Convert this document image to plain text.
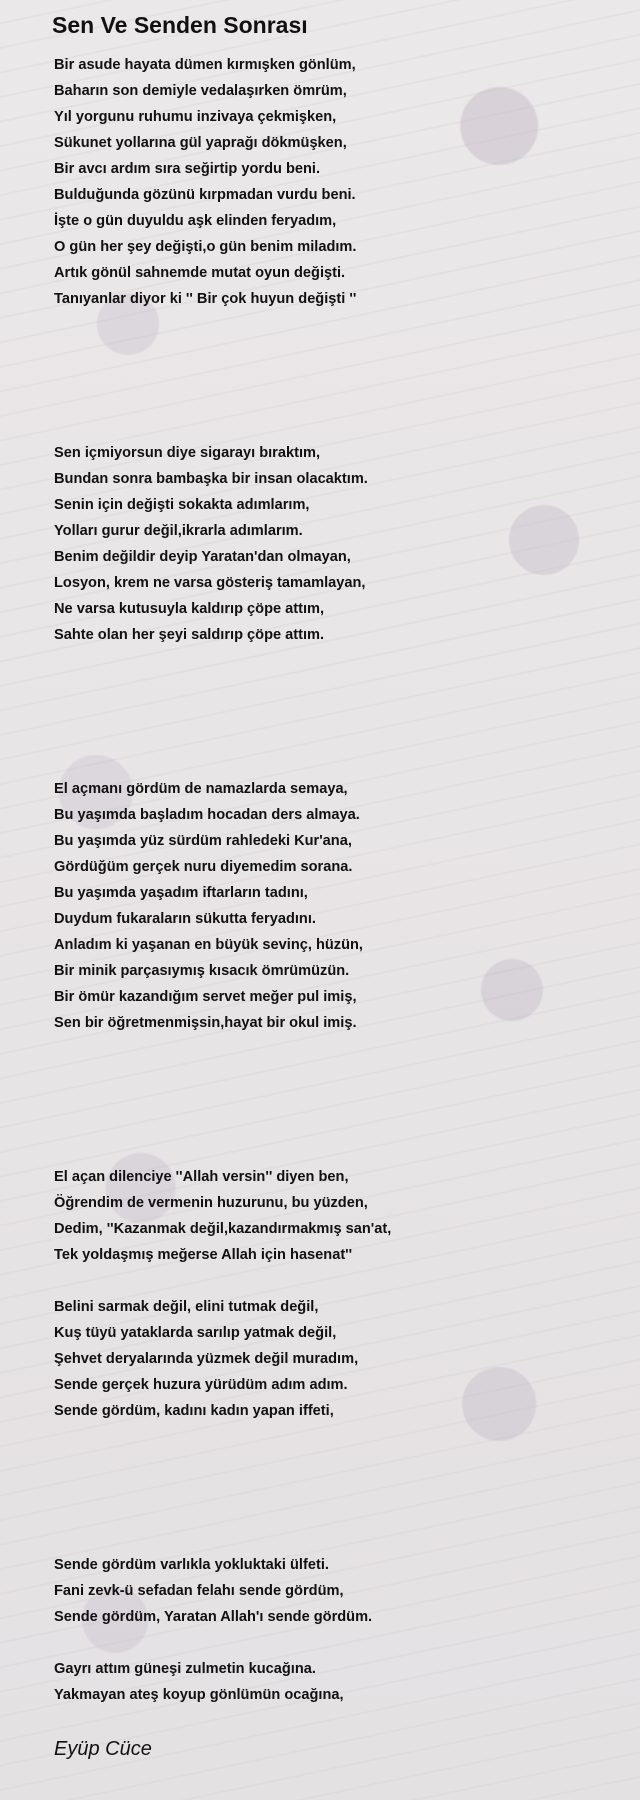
Sen Ve Senden Sonrası
Bir asude hayata dümen kırmışken gönlüm,
Baharın son demiyle vedalaşırken ömrüm,
Yıl yorgunu ruhumu inzivaya çekmişken,
Sükunet yollarına gül yaprağı dökmüşken,
Bir avcı ardım sıra seğirtip yordu beni.
Bulduğunda gözünü kırpmadan vurdu beni.
İşte o gün duyuldu aşk elinden feryadım,
O gün her şey değişti,o gün benim miladım.
Artık gönül sahnemde mutat oyun değişti.
Tanıyanlar diyor ki '' Bir çok huyun değişti ''
Sen içmiyorsun diye sigarayı bıraktım,
Bundan sonra bambaşka bir insan olacaktım.
Senin için değişti sokakta adımlarım,
Yolları gurur değil,ikrarla adımlarım.
Benim değildir deyip Yaratan'dan olmayan,
Losyon, krem ne varsa gösteriş tamamlayan,
Ne varsa kutusuyla kaldırıp çöpe attım,
Sahte olan her şeyi saldırıp çöpe attım.
El açmanı gördüm de namazlarda semaya,
Bu yaşımda başladım hocadan ders almaya.
Bu yaşımda yüz sürdüm rahledeki Kur'ana,
Gördüğüm gerçek nuru diyemedim sorana.
Bu yaşımda yaşadım iftarların tadını,
Duydum fukaraların sükutta feryadını.
Anladım ki yaşanan en büyük sevinç, hüzün,
Bir minik parçasıymış kısacık ömrümüzün.
Bir ömür kazandığım servet meğer pul imiş,
Sen bir öğretmenmişsin,hayat bir okul imiş.
El açan dilenciye ''Allah versin'' diyen ben,
Öğrendim de vermenin huzurunu, bu yüzden,
Dedim, ''Kazanmak değil,kazandırmakmış san'at,
Tek yoldaşmış meğerse Allah için hasenat''
Belini sarmak değil, elini tutmak değil,
Kuş tüyü yataklarda sarılıp yatmak değil,
Şehvet deryalarında yüzmek değil muradım,
Sende gerçek huzura yürüdüm adım adım.
Sende gördüm, kadını kadın yapan iffeti,
Sende gördüm varlıkla yokluktaki ülfeti.
Fani zevk-ü sefadan felahı sende gördüm,
Sende gördüm, Yaratan Allah'ı sende gördüm.
Gayrı attım güneşi zulmetin kucağına.
Yakmayan ateş koyup gönlümün ocağına,
Eyüp Cüce
